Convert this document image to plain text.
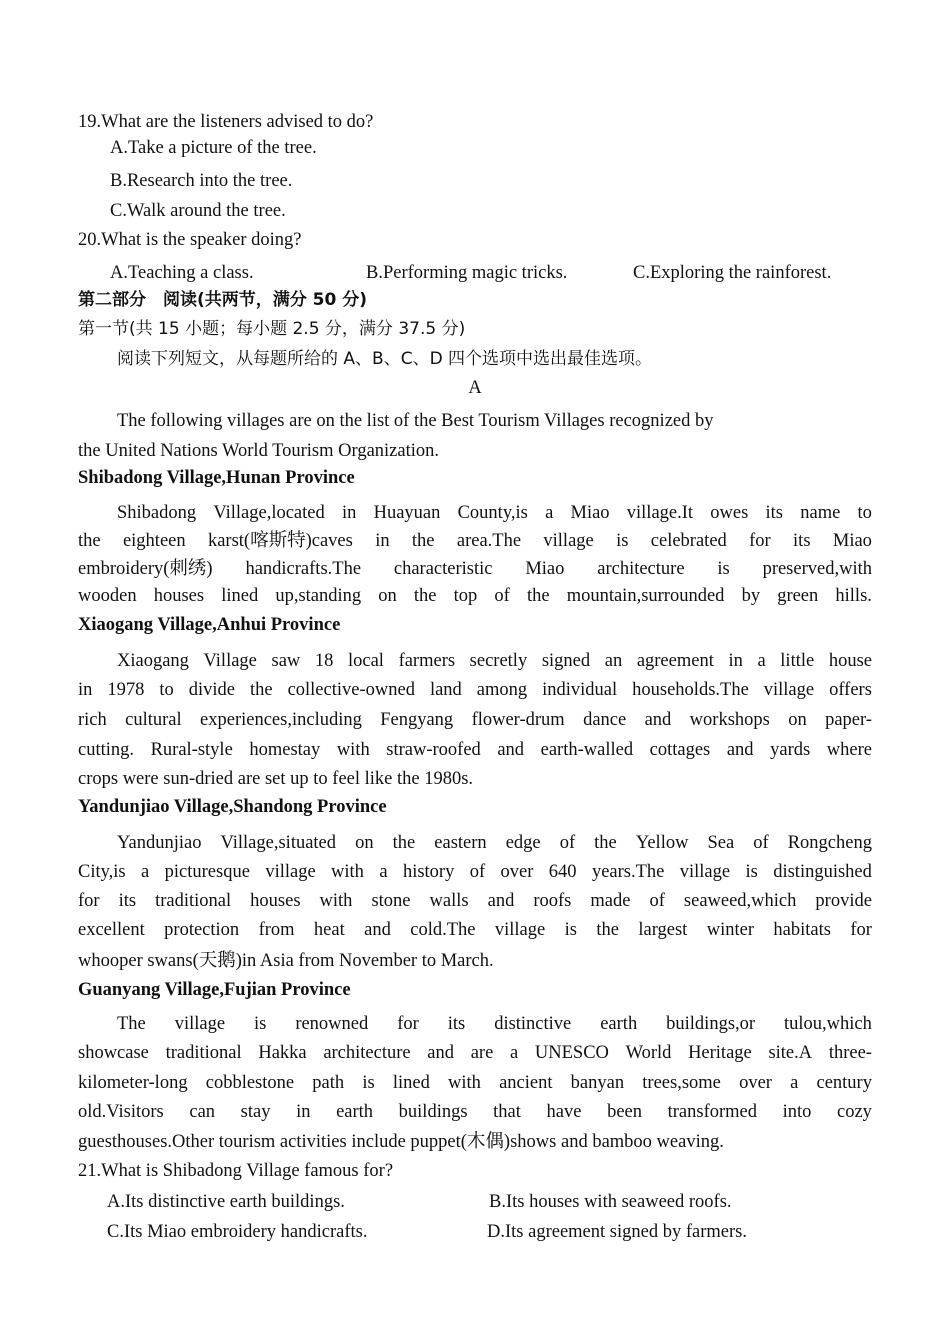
19.What are the listeners advised to do?
A.Take a picture of the tree.
B.Research into the tree.
C.Walk around the tree.
20.What is the speaker doing?
A.Teaching a class.	B.Performing magic tricks.	C.Exploring the rainforest.
第二部分　阅读(共两节，满分 50 分)
第一节(共 15 小题；每小题 2.5 分，满分 37.5 分)
阅读下列短文，从每题所给的 A、B、C、D 四个选项中选出最佳选项。
A
The following villages are on the list of the Best Tourism Villages recognized by
the United Nations World Tourism Organization.
Shibadong Village,Hunan Province
Shibadong Village,located in Huayuan County,is a Miao village.It owes its name to
the eighteen karst(喀斯特)caves in the area.The village is celebrated for its Miao
embroidery(刺绣) handicrafts.The characteristic Miao architecture is preserved,with
wooden houses lined up,standing on the top of the mountain,surrounded by green hills.
Xiaogang Village,Anhui Province
Xiaogang Village saw 18 local farmers secretly signed an agreement in a little house
in 1978 to divide the collective-owned land among individual households.The village offers
rich cultural experiences,including Fengyang flower-drum dance and workshops on paper-
cutting. Rural-style homestay with straw-roofed and earth-walled cottages and yards where
crops were sun-dried are set up to feel like the 1980s.
Yandunjiao Village,Shandong Province
Yandunjiao Village,situated on the eastern edge of the Yellow Sea of Rongcheng
City,is a picturesque village with a history of over 640 years.The village is distinguished
for its traditional houses with stone walls and roofs made of seaweed,which provide
excellent protection from heat and cold.The village is the largest winter habitats for
whooper swans(天鹅)in Asia from November to March.
Guanyang Village,Fujian Province
The village is renowned for its distinctive earth buildings,or tulou,which
showcase traditional Hakka architecture and are a UNESCO World Heritage site.A three-
kilometer-long cobblestone path is lined with ancient banyan trees,some over a century
old.Visitors can stay in earth buildings that have been transformed into cozy
guesthouses.Other tourism activities include puppet(木偶)shows and bamboo weaving.
21.What is Shibadong Village famous for?
A.Its distinctive earth buildings.	B.Its houses with seaweed roofs.
C.Its Miao embroidery handicrafts.	D.Its agreement signed by farmers.
